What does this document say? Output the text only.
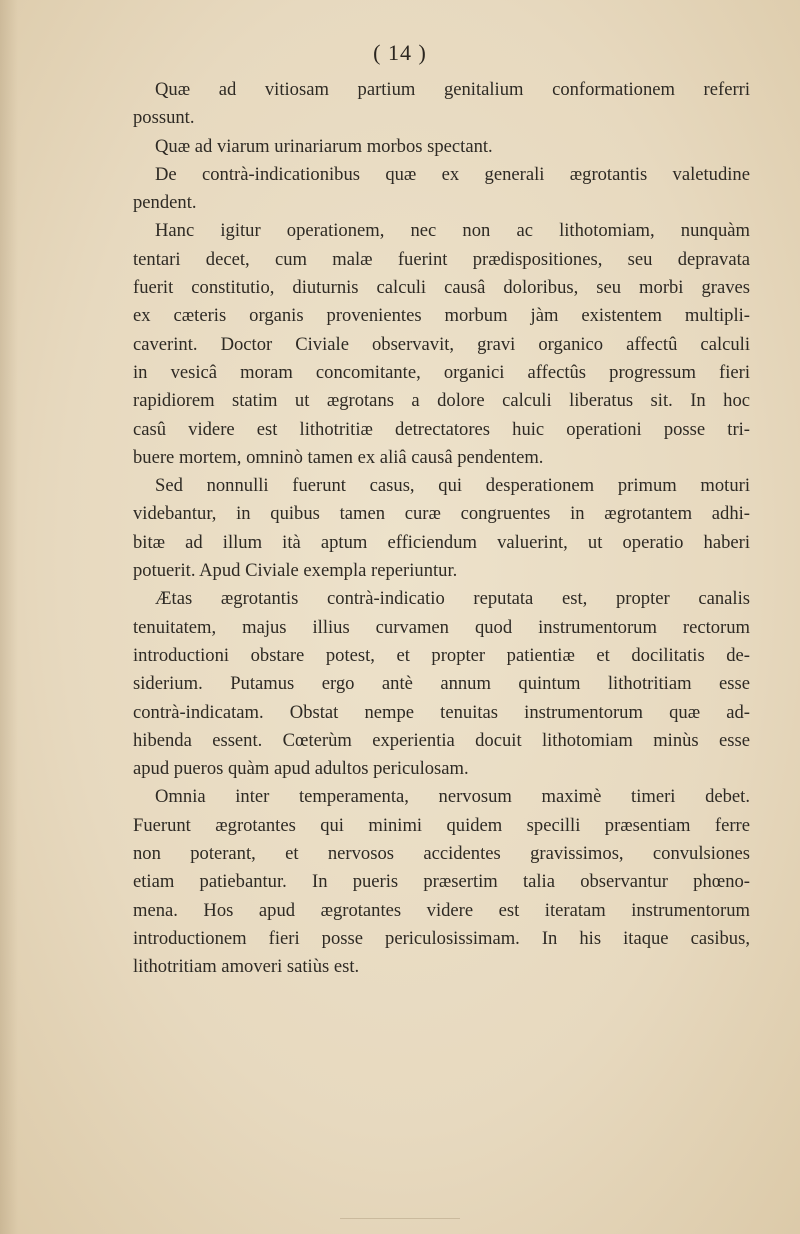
( 14 )
Quæ ad vitiosam partium genitalium conformationem referri
possunt.
Quæ ad viarum urinariarum morbos spectant.
De contrà-indicationibus quæ ex generali ægrotantis valetudine
pendent.
Hanc igitur operationem, nec non ac lithotomiam, nunquàm
tentari decet, cum malæ fuerint prædispositiones, seu depravata
fuerit constitutio, diuturnis calculi causâ doloribus, seu morbi graves
ex cæteris organis provenientes morbum jàm existentem multipli-
caverint. Doctor Civiale observavit, gravi organico affectû calculi
in vesicâ moram concomitante, organici affectûs progressum fieri
rapidiorem statim ut ægrotans a dolore calculi liberatus sit. In hoc
casû videre est lithotritiæ detrectatores huic operationi posse tri-
buere mortem, omninò tamen ex aliâ causâ pendentem.
Sed nonnulli fuerunt casus, qui desperationem primum moturi
videbantur, in quibus tamen curæ congruentes in ægrotantem adhi-
bitæ ad illum ità aptum efficiendum valuerint, ut operatio haberi
potuerit. Apud Civiale exempla reperiuntur.
Ætas ægrotantis contrà-indicatio reputata est, propter canalis
tenuitatem, majus illius curvamen quod instrumentorum rectorum
introductioni obstare potest, et propter patientiæ et docilitatis de-
siderium. Putamus ergo antè annum quintum lithotritiam esse
contrà-indicatam. Obstat nempe tenuitas instrumentorum quæ ad-
hibenda essent. Cœterùm experientia docuit lithotomiam minùs esse
apud pueros quàm apud adultos periculosam.
Omnia inter temperamenta, nervosum maximè timeri debet.
Fuerunt ægrotantes qui minimi quidem specilli præsentiam ferre
non poterant, et nervosos accidentes gravissimos, convulsiones
etiam patiebantur. In pueris præsertim talia observantur phœno-
mena. Hos apud ægrotantes videre est iteratam instrumentorum
introductionem fieri posse periculosissimam. In his itaque casibus,
lithotritiam amoveri satiùs est.
